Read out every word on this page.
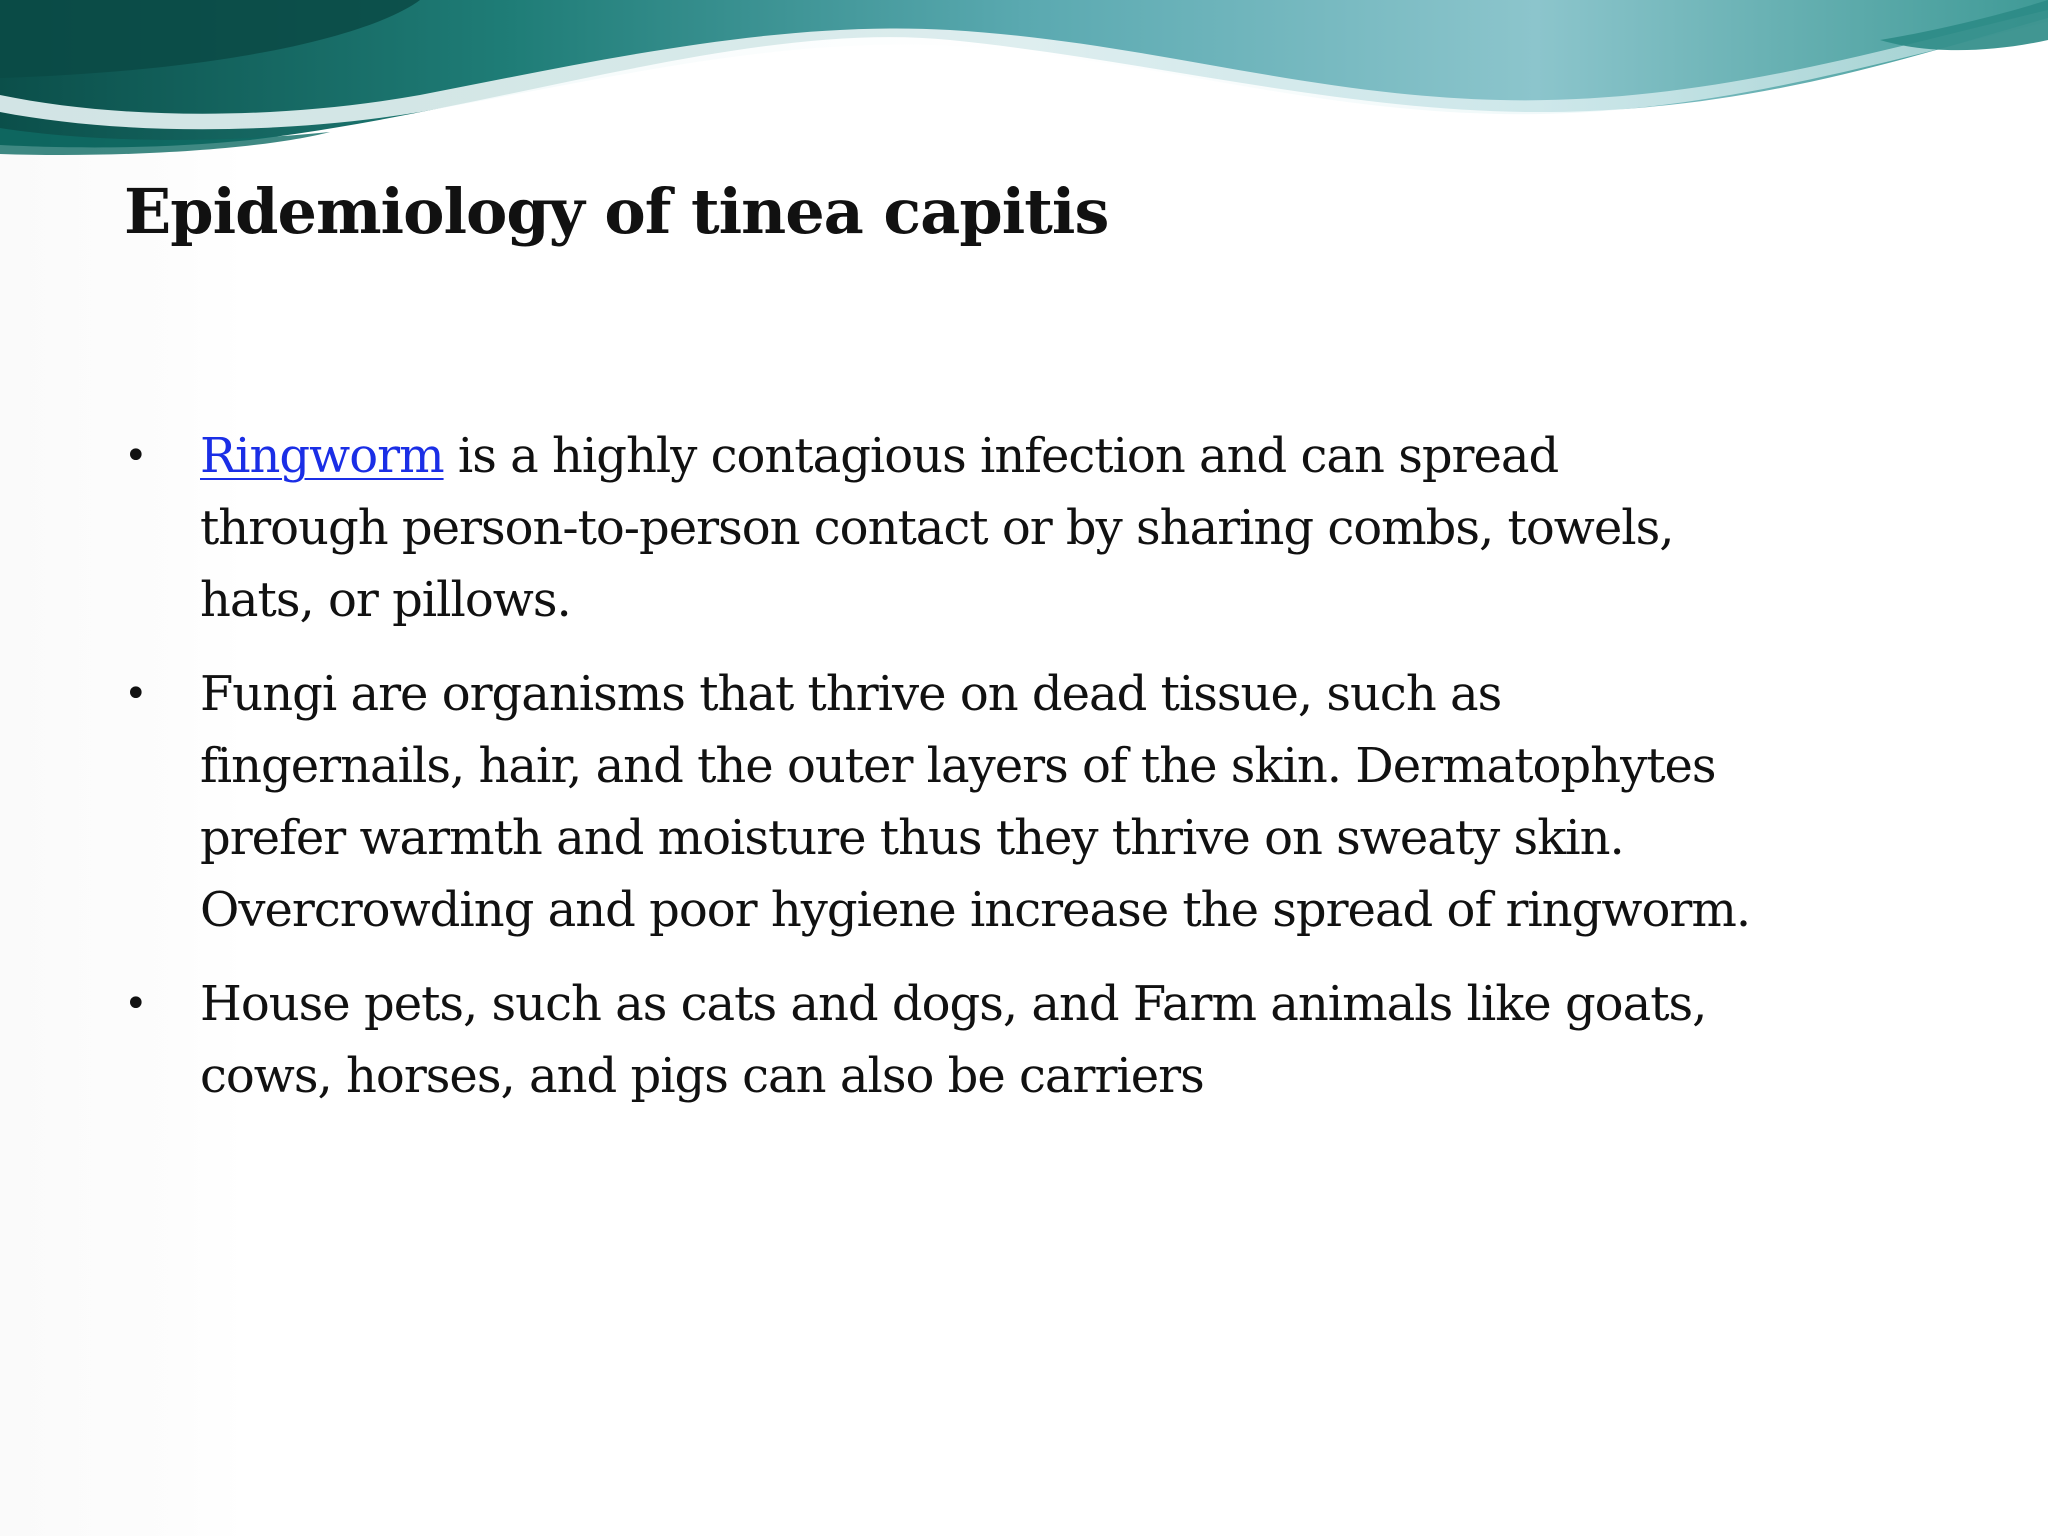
Epidemiology of tinea capitis
• Ringworm is a highly contagious infection and can spread
through person-to-person contact or by sharing combs, towels,
hats, or pillows.
• Fungi are organisms that thrive on dead tissue, such as
fingernails, hair, and the outer layers of the skin. Dermatophytes
prefer warmth and moisture thus they thrive on sweaty skin.
Overcrowding and poor hygiene increase the spread of ringworm.
• House pets, such as cats and dogs, and Farm animals like goats,
cows, horses, and pigs can also be carriers
